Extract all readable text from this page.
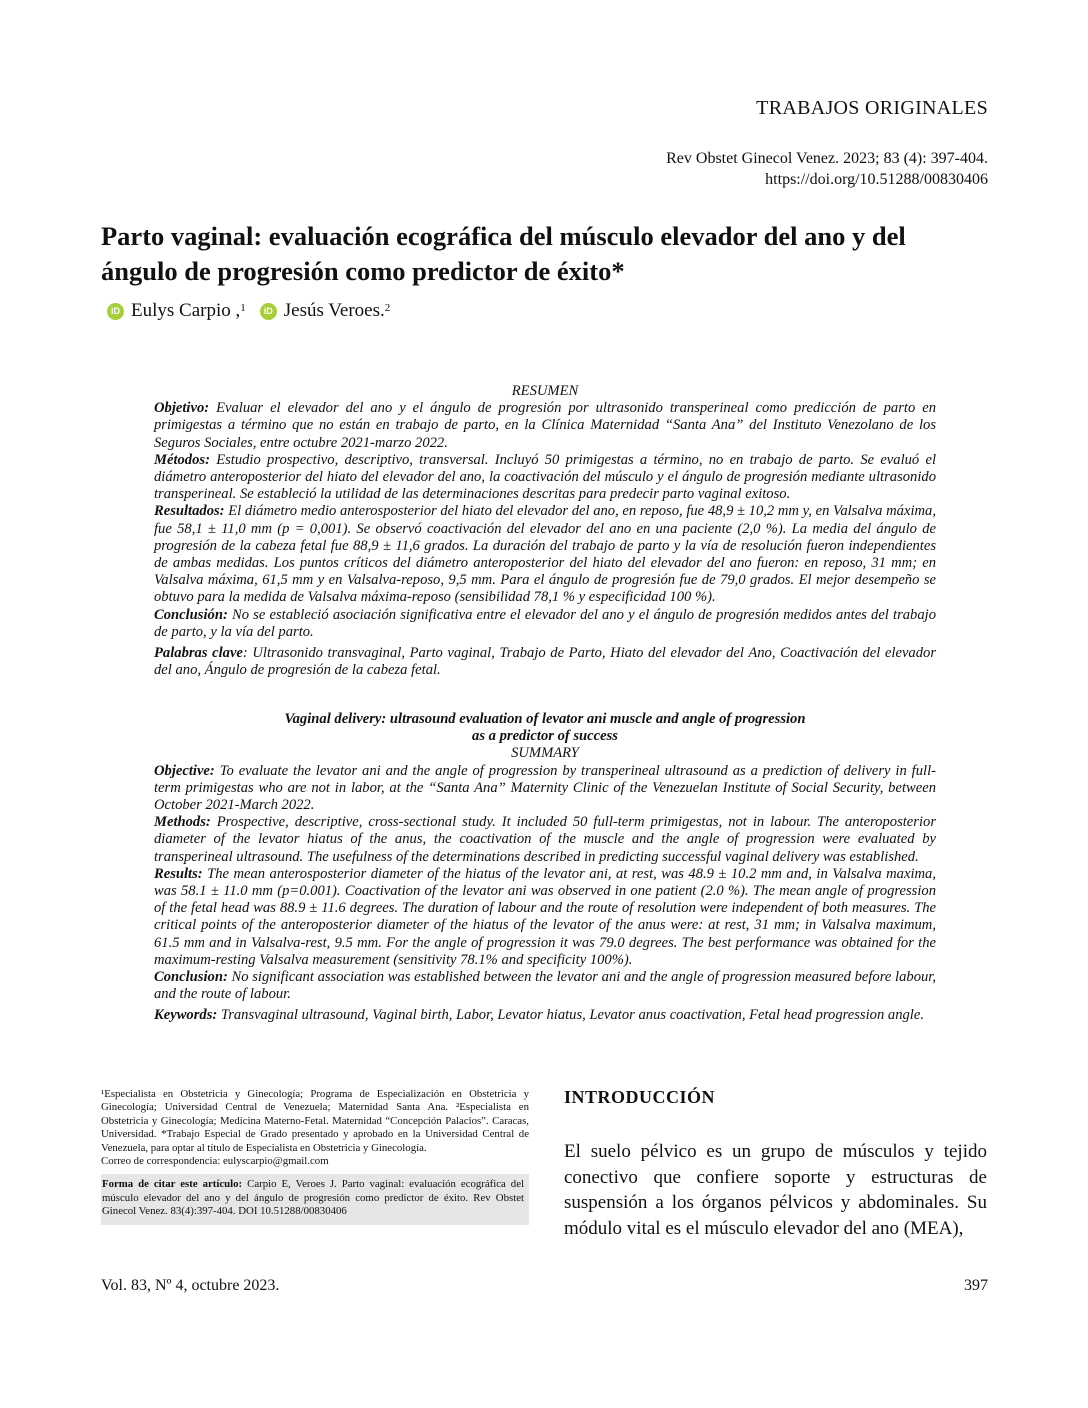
TRABAJOS ORIGINALES
Rev Obstet Ginecol Venez. 2023; 83 (4): 397-404.
https://doi.org/10.51288/00830406
Parto vaginal: evaluación ecográfica del músculo elevador del ano y del ángulo de progresión como predictor de éxito*
iD Eulys Carpio ,$^1$	iD Jesús Veroes.$^2$

RESUMEN

Objetivo: Evaluar el elevador del ano y el ángulo de progresión por ultrasonido transperineal como predicción de parto en primigestas a término que no están en trabajo de parto, en la Clínica Maternidad “Santa Ana” del Instituto Venezolano de los Seguros Sociales, entre octubre 2021-marzo 2022.

Métodos: Estudio prospectivo, descriptivo, transversal. Incluyó 50 primigestas a término, no en trabajo de parto. Se evaluó el diámetro anteroposterior del hiato del elevador del ano, la coactivación del músculo y el ángulo de progresión mediante ultrasonido transperineal. Se estableció la utilidad de las determinaciones descritas para predecir parto vaginal exitoso.

Resultados: El diámetro medio anterosposterior del hiato del elevador del ano, en reposo, fue 48,9 ± 10,2 mm y, en Valsalva máxima, fue 58,1 ± 11,0 mm (p = 0,001). Se observó coactivación del elevador del ano en una paciente (2,0 %). La media del ángulo de progresión de la cabeza fetal fue 88,9 ± 11,6 grados. La duración del trabajo de parto y la vía de resolución fueron independientes de ambas medidas. Los puntos críticos del diámetro anteroposterior del hiato del elevador del ano fueron: en reposo, 31 mm; en Valsalva máxima, 61,5 mm y en Valsalva-reposo, 9,5 mm. Para el ángulo de progresión fue de 79,0 grados. El mejor desempeño se obtuvo para la medida de Valsalva máxima-reposo (sensibilidad 78,1 % y especificidad 100 %).

Conclusión: No se estableció asociación significativa entre el elevador del ano y el ángulo de progresión medidos antes del trabajo de parto, y la vía del parto.

Palabras clave: Ultrasonido transvaginal, Parto vaginal, Trabajo de Parto, Hiato del elevador del Ano, Coactivación del elevador del ano, Ángulo de progresión de la cabeza fetal.

Vaginal delivery: ultrasound evaluation of levator ani muscle and angle of progression
as a predictor of success

SUMMARY

Objective: To evaluate the levator ani and the angle of progression by transperineal ultrasound as a prediction of delivery in full-term primigestas who are not in labor, at the “Santa Ana” Maternity Clinic of the Venezuelan Institute of Social Security, between October 2021-March 2022.

Methods: Prospective, descriptive, cross-sectional study. It included 50 full-term primigestas, not in labour. The anteroposterior diameter of the levator hiatus of the anus, the coactivation of the muscle and the angle of progression were evaluated by transperineal ultrasound. The usefulness of the determinations described in predicting successful vaginal delivery was established.

Results: The mean anterosposterior diameter of the hiatus of the levator ani, at rest, was 48.9 ± 10.2 mm and, in Valsalva maxima, was 58.1 ± 11.0 mm (p=0.001). Coactivation of the levator ani was observed in one patient (2.0 %). The mean angle of progression of the fetal head was 88.9 ± 11.6 degrees. The duration of labour and the route of resolution were independent of both measures. The critical points of the anteroposterior diameter of the hiatus of the levator of the anus were: at rest, 31 mm; in Valsalva maximum, 61.5 mm and in Valsalva-rest, 9.5 mm. For the angle of progression it was 79.0 degrees. The best performance was obtained for the maximum-resting Valsalva measurement (sensitivity 78.1% and specificity 100%).

Conclusion: No significant association was established between the levator ani and the angle of progression measured before labour, and the route of labour.

Keywords: Transvaginal ultrasound, Vaginal birth, Labor, Levator hiatus, Levator anus coactivation, Fetal head progression angle.

¹Especialista en Obstetricia y Ginecología; Programa de Especialización en Obstetricia y Ginecología; Universidad Central de Venezuela; Maternidad Santa Ana. ²Especialista en Obstetricia y Ginecología; Medicina Materno-Fetal. Maternidad “Concepción Palacios”. Caracas, Universidad. *Trabajo Especial de Grado presentado y aprobado en la Universidad Central de Venezuela, para optar al título de Especialista en Obstetricia y Ginecología.

Correo de correspondencia: eulyscarpio@gmail.com

Forma de citar este artículo: Carpio E, Veroes J. Parto vaginal: evaluación ecográfica del músculo elevador del ano y del ángulo de progresión como predictor de éxito. Rev Obstet Ginecol Venez. 83(4):397-404. DOI 10.51288/00830406
INTRODUCCIÓN

El suelo pélvico es un grupo de músculos y tejido conectivo que confiere soporte y estructuras de suspensión a los órganos pélvicos y abdominales. Su módulo vital es el músculo elevador del ano (MEA),

Vol. 83, Nº 4, octubre 2023.	397
